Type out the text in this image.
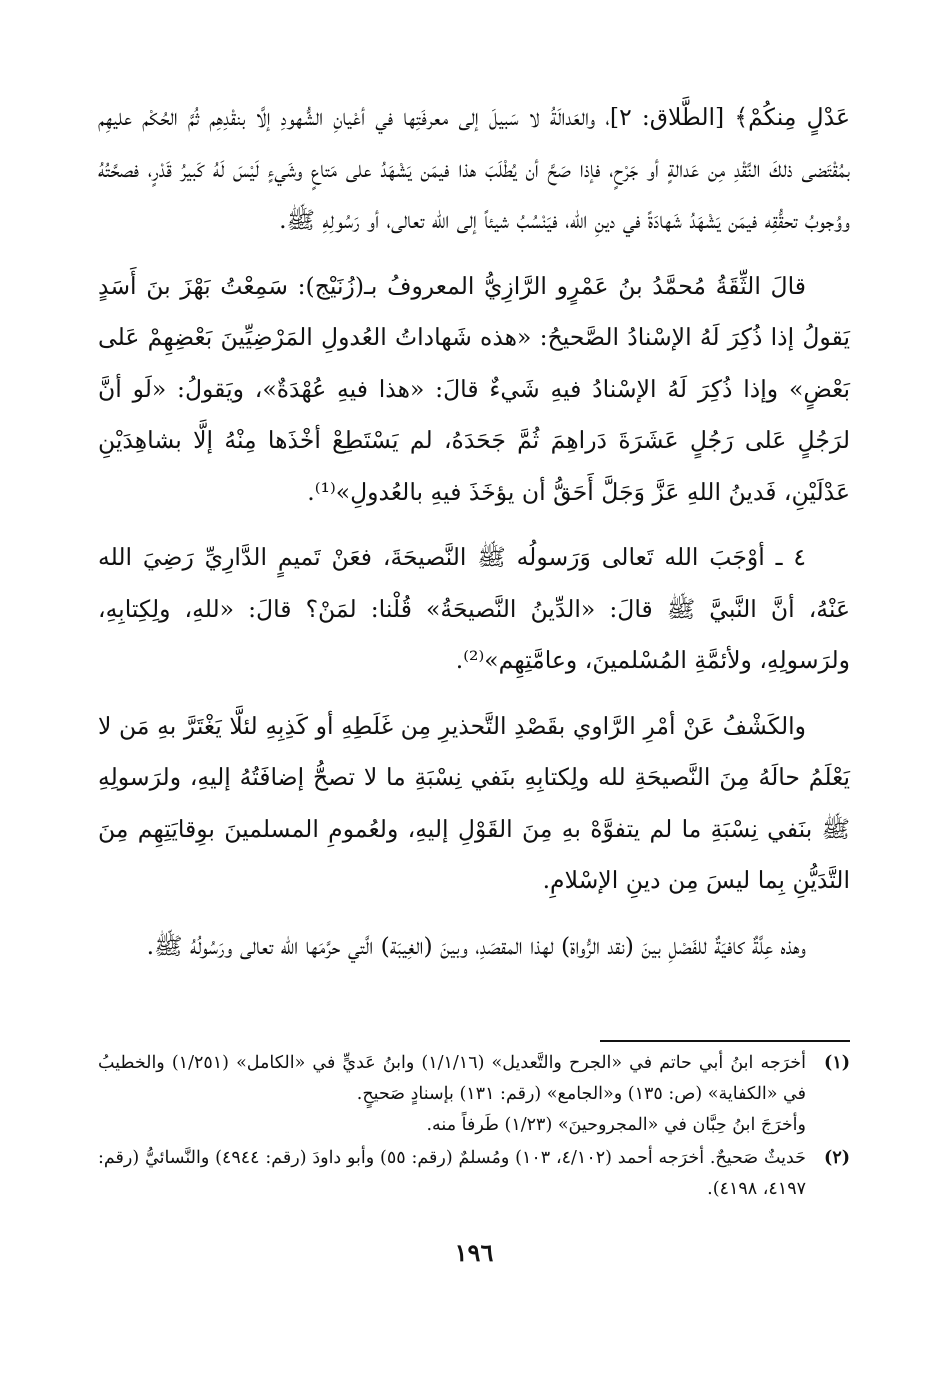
عَدْلٍ مِنكُمْ﴾ [الطَّلاق: ٢]، والعَدالَةُ لا سَبيلَ إلى معرفَتِها في أعْيانِ الشُّهودِ إلَّا بنقْدِهِم ثُمَّ الحُكْم عليهِم بمُقْتَضى ذلكَ النَّقْدِ مِن عَدالةٍ أو جَرْحٍ، فإذا صَحَّ أن يُطْلَبَ هذا فيمَن يَشْهَدُ على مَتاعٍ وشَيءٍ لَيْسَ لَهُ كَبيرُ قَدْرٍ، فصحَّتُهُ ووُجوبُ تحقُّقِه فيمَن يَشْهَدُ شَهادَةً في دينِ الله، فيَنْسُبُ شيئاً إلى الله تعالى، أو رَسُولِهِ ﷺ.

قالَ الثِّقَةُ مُحمَّدُ بنُ عَمْرٍو الرَّازِيُّ المعروفُ بـ(زُنَيْج): سَمِعْتُ بَهْزَ بنَ أَسَدٍ يَقولُ إذا ذُكِرَ لَهُ الإسْنادُ الصَّحيحُ: «هذه شَهاداتُ العُدولِ المَرْضِيِّينَ بَعْضِهِمْ عَلى بَعْضٍ» وإذا ذُكِرَ لَهُ الإسْنادُ فيهِ شَيءٌ قالَ: «هذا فيهِ عُهْدَةٌ»، ويَقولُ: «لَو أنَّ لرَجُلٍ عَلى رَجُلٍ عَشَرَةَ دَراهِمَ ثُمَّ جَحَدَهُ، لم يَسْتَطِعْ أخْذَها مِنْهُ إلَّا بشاهِدَيْنِ عَدْلَيْنِ، فَدينُ اللهِ عَزَّ وَجَلَّ أَحَقُّ أن يؤخَذَ فيهِ بالعُدولِ»⁽¹⁾.

٤ ـ أوْجَبَ الله تَعالى وَرَسولُه ﷺ النَّصيحَةَ، فعَنْ تَميمٍ الدَّارِيِّ رَضِيَ الله عَنْهُ، أنَّ النَّبيَّ ﷺ قالَ: «الدِّينُ النَّصيحَةُ» قُلْنا: لمَنْ؟ قالَ: «للهِ، ولِكِتابِهِ، ولرَسولِهِ، ولأئمَّةِ المُسْلمينَ، وعامَّتِهِم»⁽²⁾.

والكَشْفُ عَنْ أمْرِ الرَّاوي بقَصْدِ التَّحذيرِ مِن غَلَطِهِ أو كَذِبِهِ لئلَّا يَغْتَرَّ بهِ مَن لا يَعْلَمُ حالَهُ مِنَ النَّصيحَةِ لله ولِكتابِهِ بنَفي نِسْبَةِ ما لا تصحُّ إضافَتُهُ إليهِ، ولرَسولِهِ ﷺ بنَفي نِسْبَةِ ما لم يتفوَّهْ بهِ مِنَ القَوْلِ إليهِ، ولعُمومِ المسلمينَ بوِقايَتِهِم مِنَ التَّدَيُّنِ بِما ليسَ مِن دينِ الإسْلامِ.

وهذه عِلَّةٌ كافيَةٌ للفَصْلِ بينَ (نقد الرُّواة) لهذا المقصَدِ، وبينَ (الغِيبَة) الَّتي حرَّمَها الله تعالى ورَسُولُهُ ﷺ.

(١)
أخرَجه ابنُ أبي حاتم في «الجرح والتَّعديل» (١/١/١٦) وابنُ عَديٍّ في «الكامل» (١/٢٥١) والخطيبُ في «الكفاية» (ص: ١٣٥) و«الجامع» (رقم: ١٣١) بإسنادٍ صَحيحٍ.
وأخرَجَ ابنُ حِبَّان في «المجروحينَ» (١/٢٣) طَرفاً منه.
(٢)
حَديثٌ صَحيحٌ. أخرَجه أحمد (٤/١٠٢، ١٠٣) ومُسلمٌ (رقم: ٥٥) وأبو داودَ (رقم: ٤٩٤٤) والنَّسائيُّ (رقم: ٤١٩٧، ٤١٩٨).
١٩٦
